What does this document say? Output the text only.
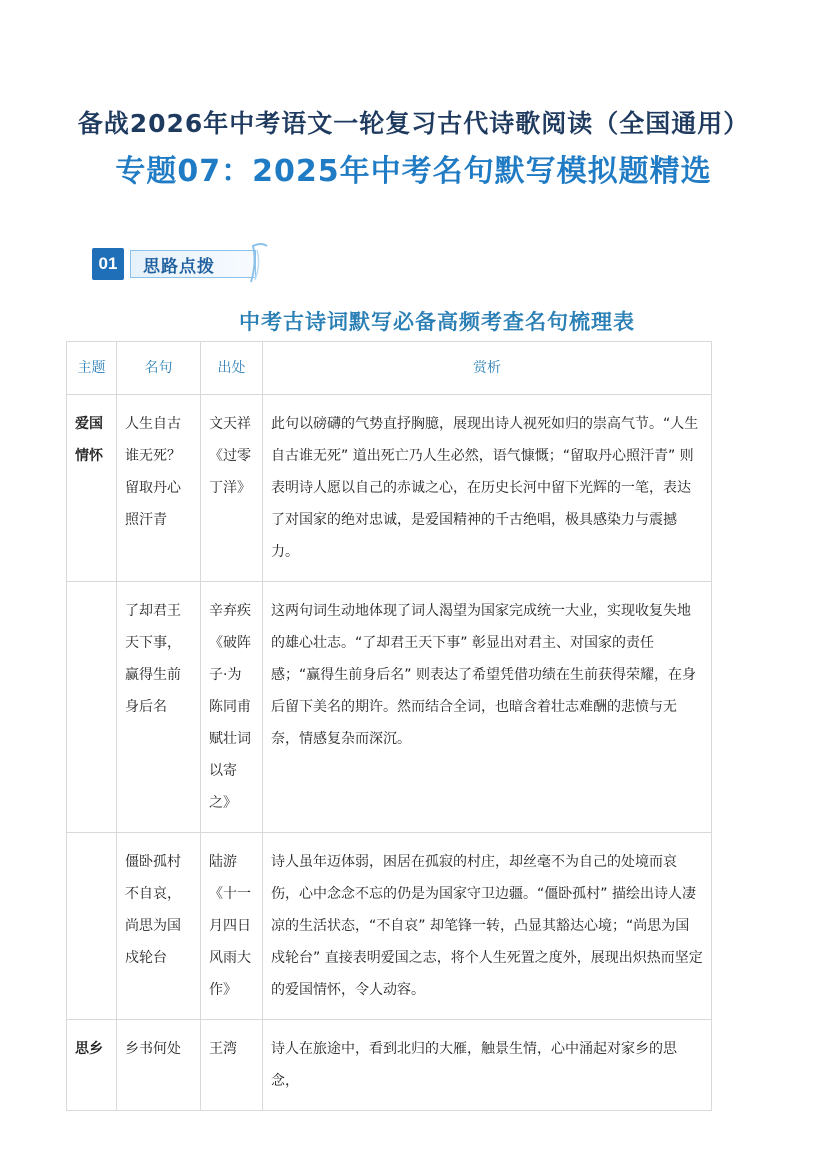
备战2026年中考语文一轮复习古代诗歌阅读（全国通用）
专题07：2025年中考名句默写模拟题精选
01	思路点拨
中考古诗词默写必备高频考查名句梳理表
主题	名句	出处	赏析
爱国情怀	人生自古谁无死？留取丹心照汗青	文天祥《过零丁洋》	此句以磅礴的气势直抒胸臆，展现出诗人视死如归的崇高气节。“人生自古谁无死” 道出死亡乃人生必然，语气慷慨；“留取丹心照汗青” 则表明诗人愿以自己的赤诚之心，在历史长河中留下光辉的一笔，表达了对国家的绝对忠诚，是爱国精神的千古绝唱，极具感染力与震撼力。
	了却君王天下事，赢得生前身后名	辛弃疾《破阵子·为陈同甫赋壮词以寄之》	这两句词生动地体现了词人渴望为国家完成统一大业，实现收复失地的雄心壮志。“了却君王天下事” 彰显出对君主、对国家的责任感；“赢得生前身后名” 则表达了希望凭借功绩在生前获得荣耀，在身后留下美名的期许。然而结合全词，也暗含着壮志难酬的悲愤与无奈，情感复杂而深沉。
	僵卧孤村不自哀，尚思为国戍轮台	陆游《十一月四日风雨大作》	诗人虽年迈体弱，困居在孤寂的村庄，却丝毫不为自己的处境而哀伤，心中念念不忘的仍是为国家守卫边疆。“僵卧孤村” 描绘出诗人凄凉的生活状态，“不自哀” 却笔锋一转，凸显其豁达心境；“尚思为国戍轮台” 直接表明爱国之志，将个人生死置之度外，展现出炽热而坚定的爱国情怀，令人动容。
思乡	乡书何处	王湾	诗人在旅途中，看到北归的大雁，触景生情，心中涌起对家乡的思念，
